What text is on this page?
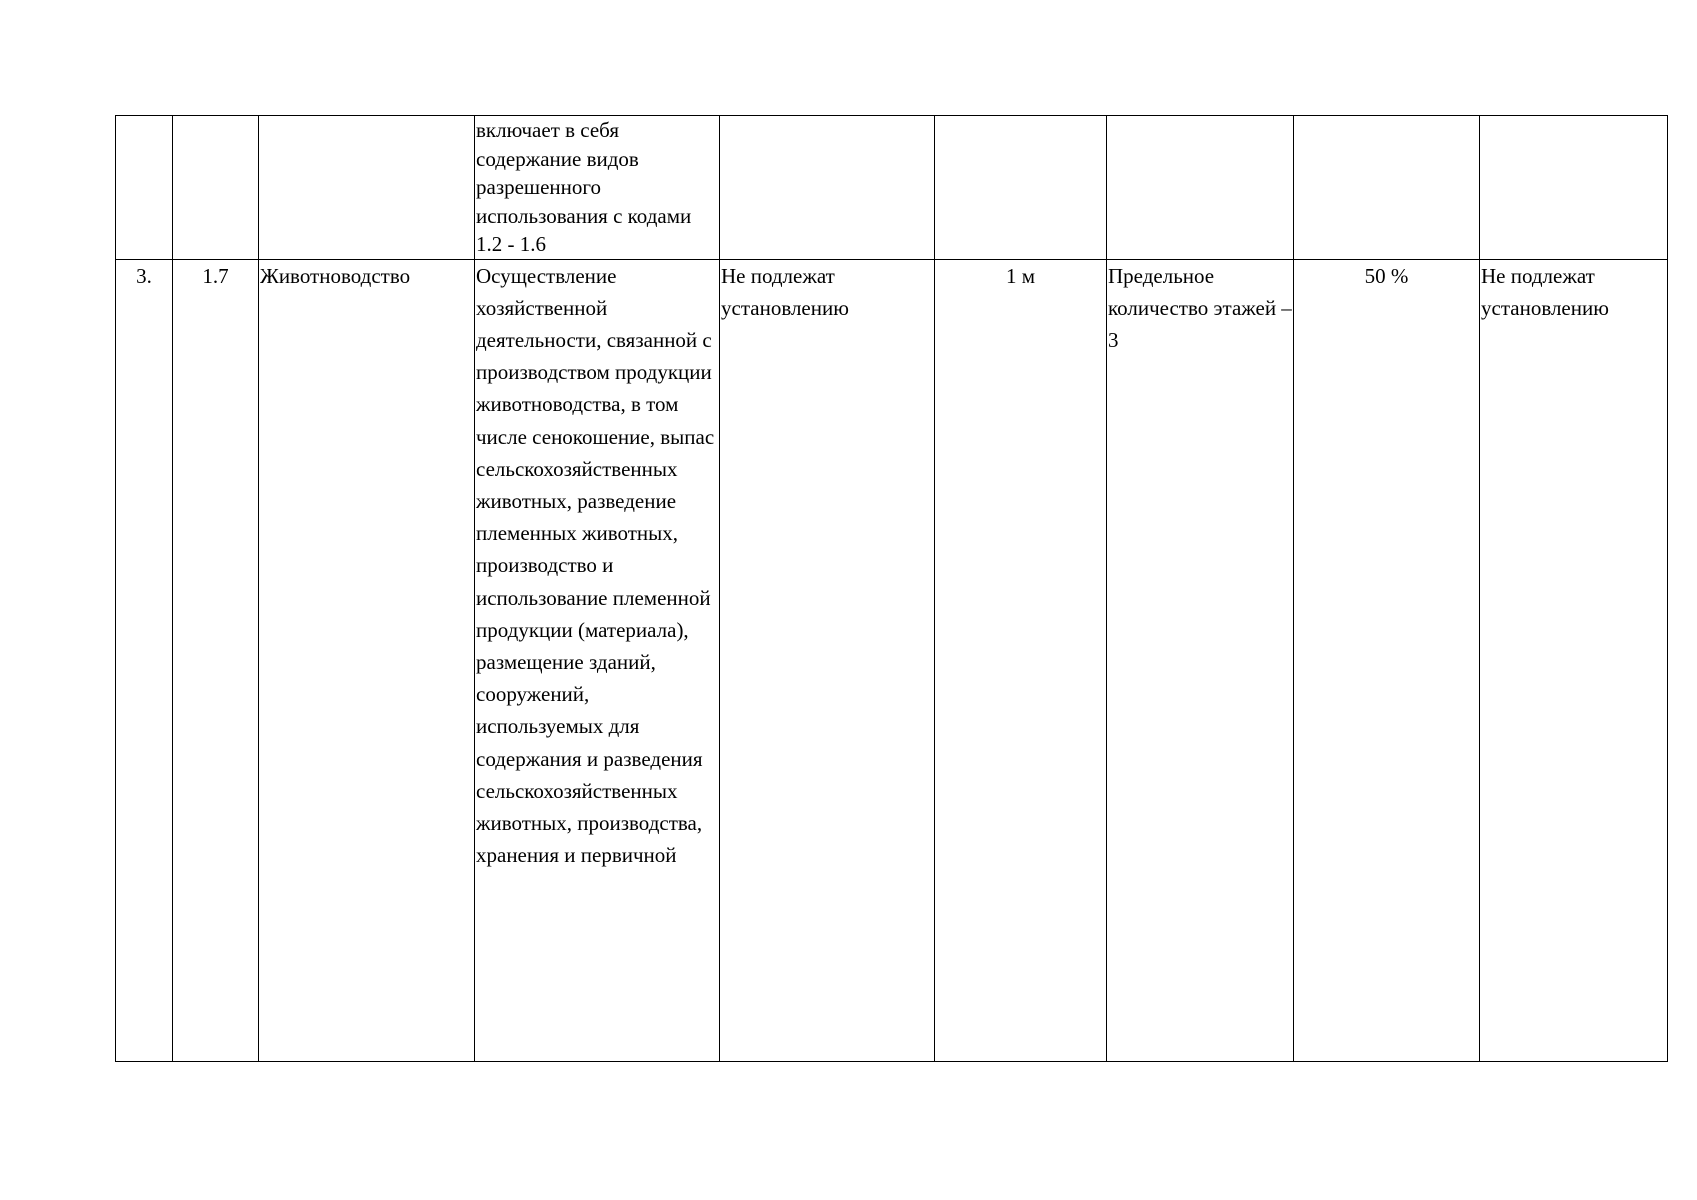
			включает в себя содержание видов разрешенного использования с кодами 1.2 - 1.6					

3.	1.7	Животноводство	Осуществление хозяйственной деятельности, связанной с производством продукции животноводства, в том числе сенокошение, выпас сельскохозяйственных животных, разведение племенных животных, производство и использование племенной продукции (материала), размещение зданий, сооружений, используемых для содержания и разведения сельскохозяйственных животных, производства, хранения и первичной	Не подлежат установлению	1 м	Предельное количество этажей – 3	50 %	Не подлежат установлению
